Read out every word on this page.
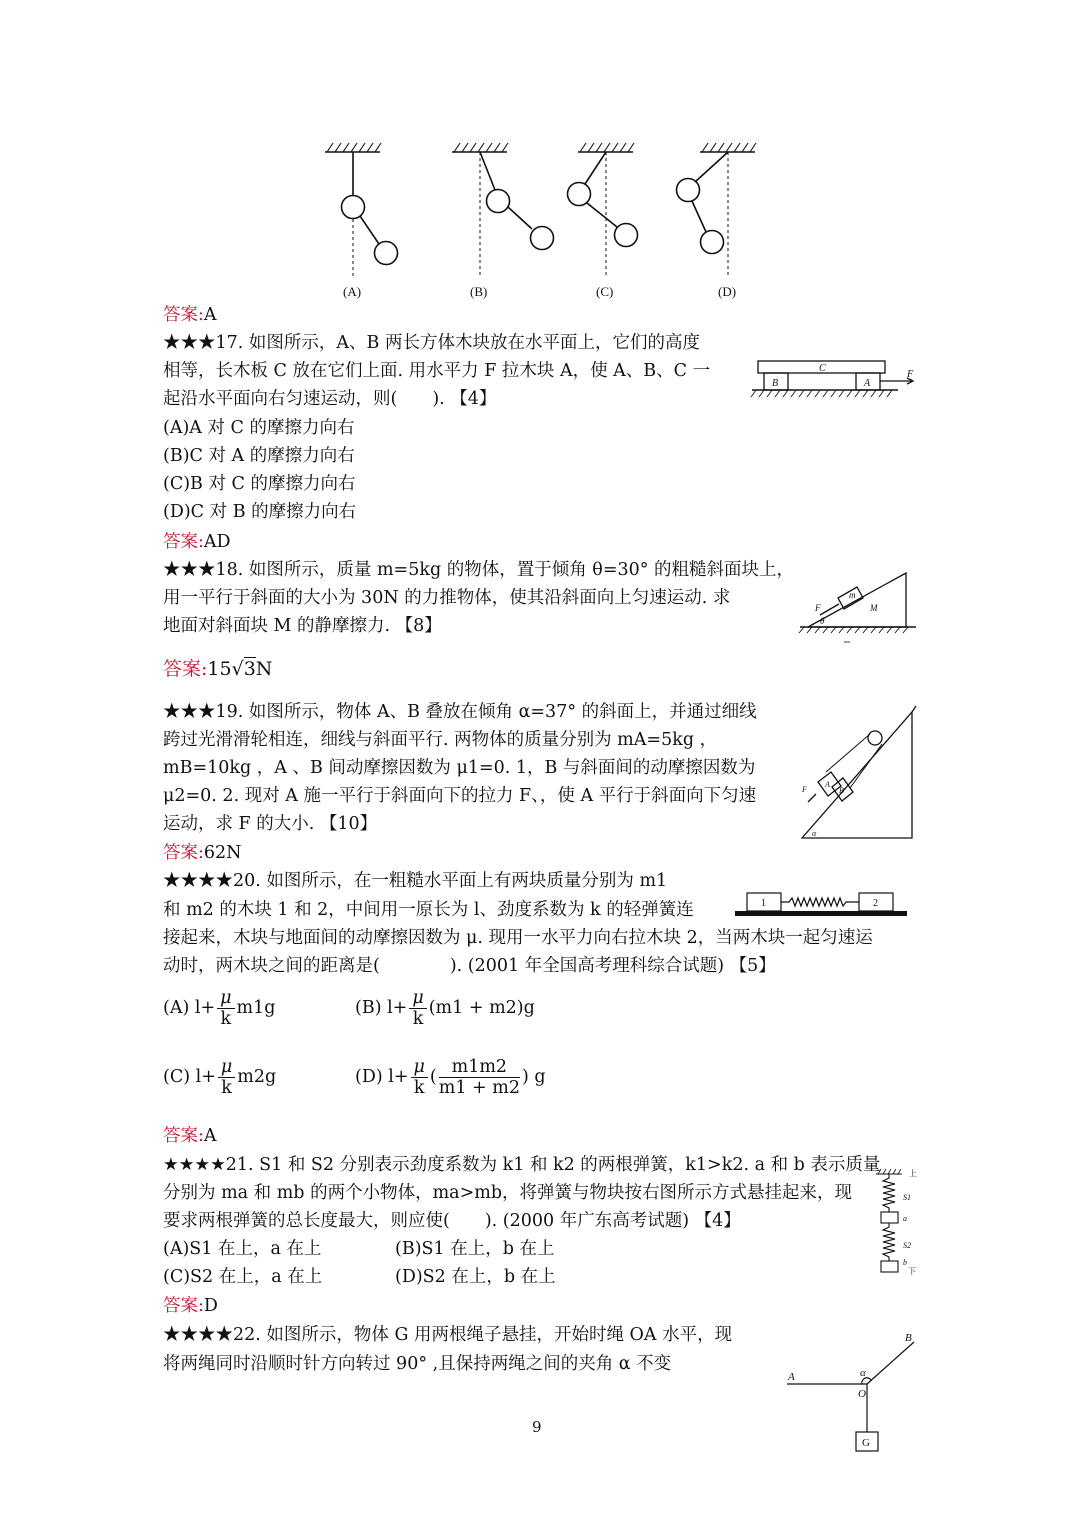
(A)	(B)	(C)	(D)
答案:A
★★★17. 如图所示，A、B 两长方体木块放在水平面上，它们的高度
相等，长木板 C 放在它们上面. 用水平力 F 拉木块 A，使 A、B、C 一
起沿水平面向右匀速运动，则(　　). 【4】
(A)A 对 C 的摩擦力向右
(B)C 对 A 的摩擦力向右
(C)B 对 C 的摩擦力向右
(D)C 对 B 的摩擦力向右
答案:AD
C
B	A
F
★★★18. 如图所示，质量 m=5kg 的物体，置于倾角 θ=30° 的粗糙斜面块上，
用一平行于斜面的大小为 30N 的力推物体，使其沿斜面向上匀速运动. 求
地面对斜面块 M 的静摩擦力. 【8】
答案:15√3N
m
M
F
θ
★★★19. 如图所示，物体 A、B 叠放在倾角 α=37° 的斜面上，并通过细线
跨过光滑滑轮相连，细线与斜面平行. 两物体的质量分别为 mA=5kg ，
mB=10kg ，A 、B 间动摩擦因数为 μ1=0. 1，B 与斜面间的动摩擦因数为
μ2=0. 2. 现对 A 施一平行于斜面向下的拉力 F、，使 A 平行于斜面向下匀速
运动，求 F 的大小. 【10】
答案:62N
A
B
F
α
★★★★20. 如图所示，在一粗糙水平面上有两块质量分别为 m1
和 m2 的木块 1 和 2，中间用一原长为 l、劲度系数为 k 的轻弹簧连
接起来，木块与地面间的动摩擦因数为 μ. 现用一水平力向右拉木块 2，当两木块一起匀速运
动时，两木块之间的距离是(　　　　). (2001 年全国高考理科综合试题) 【5】
1	2
(A) $l+ \frac{\mu}{k} m1g$	(B) $l+ \frac{\mu}{k} (m1 + m2)g$
(C) $l+ \frac{\mu}{k} m2g$	(D) $l+ \frac{\mu}{k}$ ( $\frac{m1m2}{m1 + m2}$ ) g
答案:A
★★★★21. S1 和 S2 分别表示劲度系数为 k1 和 k2 的两根弹簧，k1>k2. a 和 b 表示质量
分别为 ma 和 mb 的两个小物体，ma>mb，将弹簧与物块按右图所示方式悬挂起来，现
要求两根弹簧的总长度最大，则应使(　　). (2000 年广东高考试题) 【4】
(A)S1 在上，a 在上	(B)S1 在上，b 在上
(C)S2 在上，a 在上	(D)S2 在上，b 在上
答案:D
上
S1
a
S2
b
下
★★★★22. 如图所示，物体 G 用两根绳子悬挂，开始时绳 OA 水平，现
将两绳同时沿顺时针方向转过 90° ,且保持两绳之间的夹角 α 不变
A
B
O
α
G
9
